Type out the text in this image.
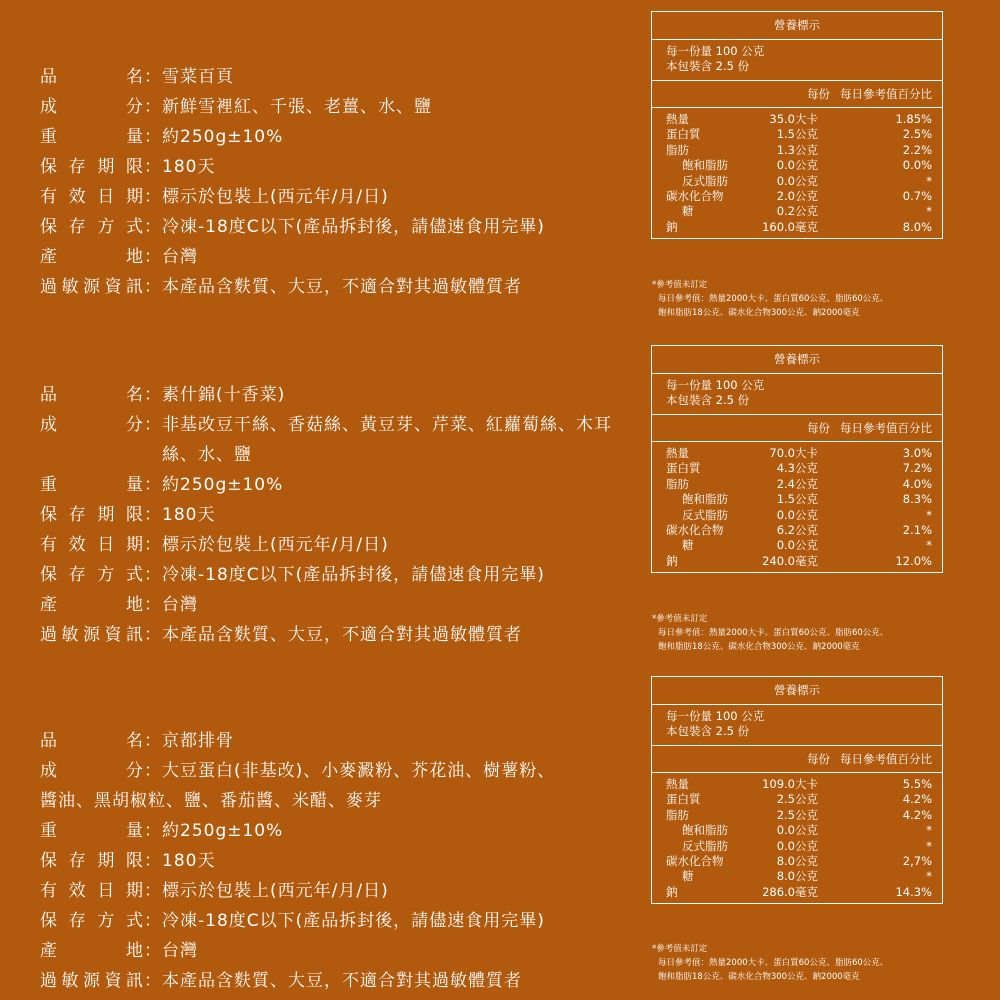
品	名 ： 雪菜百頁
成	分 ： 新鮮雪裡紅、千張、老薑、水、鹽
重	量 ： 約250g±10%
保 存 期 限 ： 180天
有 效 日 期 ： 標示於包裝上(西元年/月/日)
保 存 方 式 ： 冷凍-18度C以下(產品拆封後，請儘速食用完畢)
產	地 ： 台灣
過 敏 源 資 訊 ： 本產品含麩質、大豆，不適合對其過敏體質者
營養標示
每一份量 100 公克
本包裝含 2.5 份
每份 每日參考值百分比
熱量	35.0大卡	1.85%
蛋白質	1.5公克	2.5%
脂肪	1.3公克	2.2%
飽和脂肪	0.0公克	0.0%
反式脂肪	0.0公克	*
碳水化合物	2.0公克	0.7%
糖	0.2公克	*
鈉	160.0毫克	8.0%
*參考值未訂定
每日參考值：熱量2000大卡、蛋白質60公克、脂肪60公克、
飽和脂肪18公克、碳水化合物300公克、鈉2000毫克
品	名 ： 素什錦(十香菜)
成	分 ： 非基改豆干絲、香菇絲、黃豆芽、芹菜、紅蘿蔔絲、木耳絲、水、鹽
重	量 ： 約250g±10%
保 存 期 限 ： 180天
有 效 日 期 ： 標示於包裝上(西元年/月/日)
保 存 方 式 ： 冷凍-18度C以下(產品拆封後，請儘速食用完畢)
產	地 ： 台灣
過 敏 源 資 訊 ： 本產品含麩質、大豆，不適合對其過敏體質者
營養標示
每一份量 100 公克
本包裝含 2.5 份
每份 每日參考值百分比
熱量	70.0大卡	3.0%
蛋白質	4.3公克	7.2%
脂肪	2.4公克	4.0%
飽和脂肪	1.5公克	8.3%
反式脂肪	0.0公克	*
碳水化合物	6.2公克	2.1%
糖	0.0公克	*
鈉	240.0毫克	12.0%
*參考值未訂定
每日參考值：熱量2000大卡、蛋白質60公克、脂肪60公克、
飽和脂肪18公克、碳水化合物300公克、鈉2000毫克
品	名 ： 京都排骨
成	分 ： 大豆蛋白(非基改)、小麥澱粉、芥花油、樹薯粉、
醬油、黑胡椒粒、鹽、番茄醬、米醋、麥芽
重	量 ： 約250g±10%
保 存 期 限 ： 180天
有 效 日 期 ： 標示於包裝上(西元年/月/日)
保 存 方 式 ： 冷凍-18度C以下(產品拆封後，請儘速食用完畢)
產	地 ： 台灣
過 敏 源 資 訊 ： 本產品含麩質、大豆，不適合對其過敏體質者
營養標示
每一份量 100 公克
本包裝含 2.5 份
每份 每日參考值百分比
熱量	109.0大卡	5.5%
蛋白質	2.5公克	4.2%
脂肪	2.5公克	4.2%
飽和脂肪	0.0公克	*
反式脂肪	0.0公克	*
碳水化合物	8.0公克	2,7%
糖	8.0公克	*
鈉	286.0毫克	14.3%
*參考值未訂定
每日參考值：熱量2000大卡、蛋白質60公克、脂肪60公克、
飽和脂肪18公克、碳水化合物300公克、鈉2000毫克
